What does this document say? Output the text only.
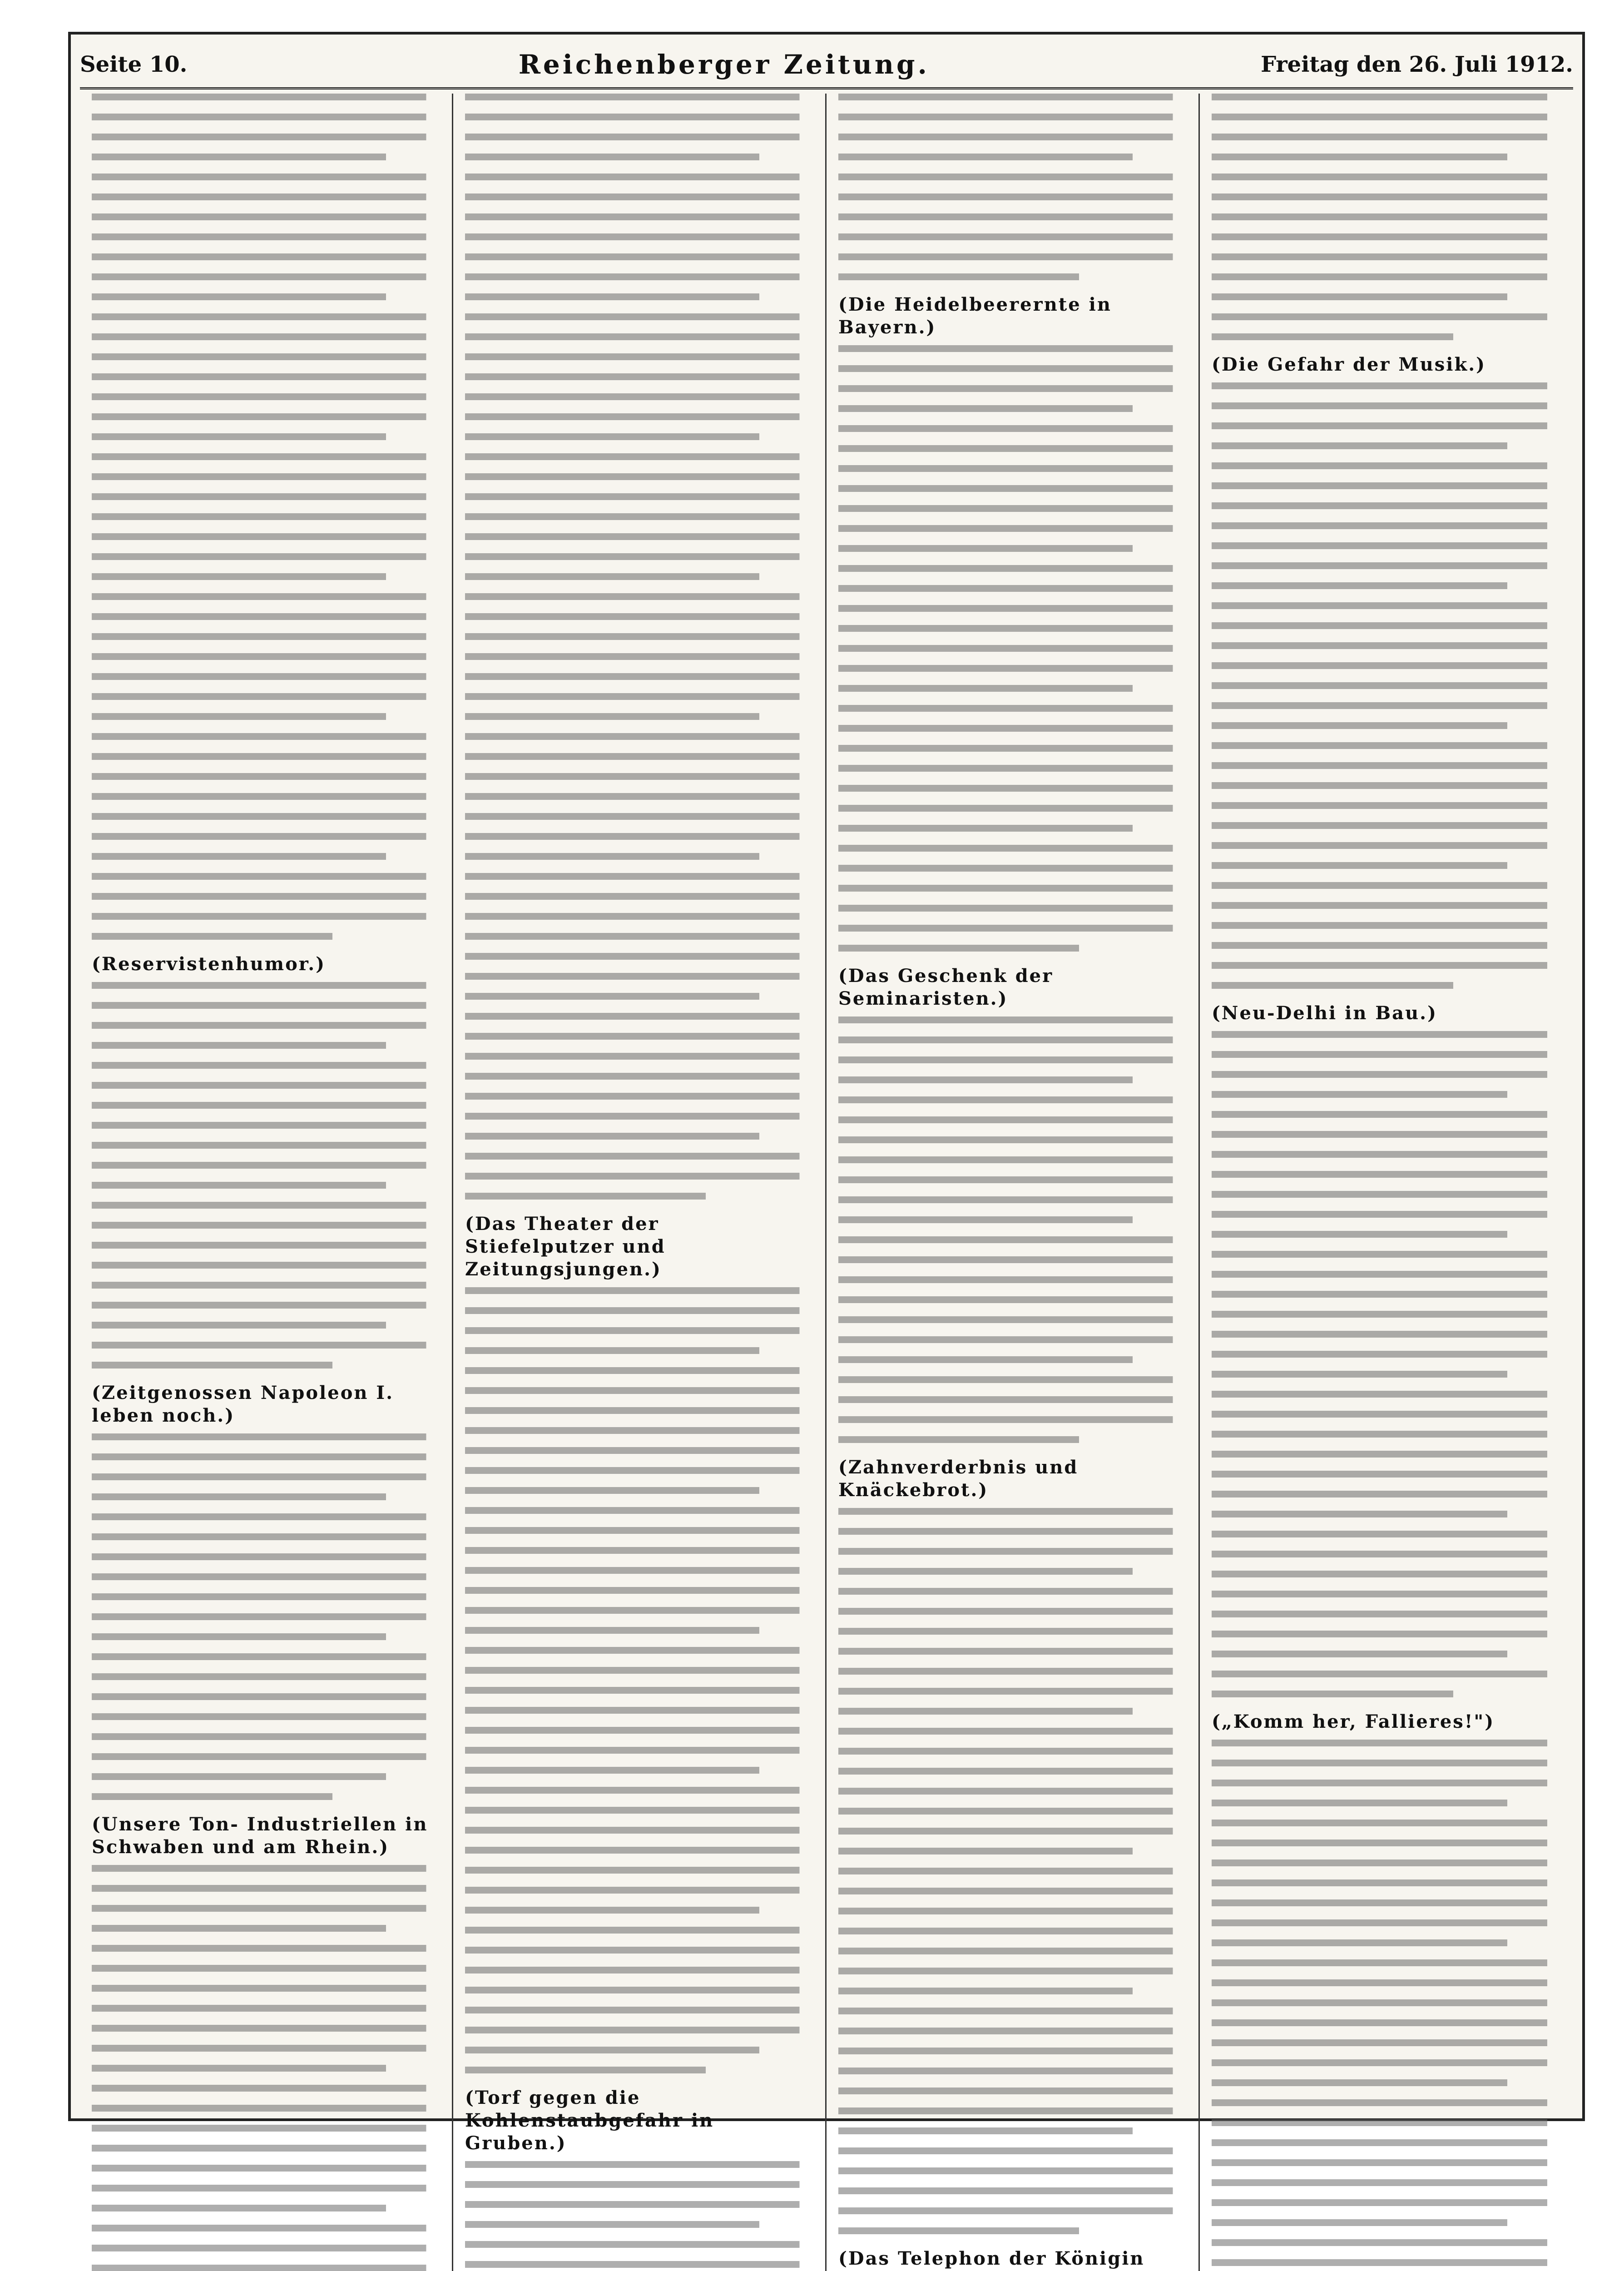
Seite 10.	Reichenberger Zeitung.	Freitag den 26. Juli 1912.
(Reservistenhumor.)
(Zeitgenossen Napoleon I. leben noch.)
(Unsere Ton- Industriellen in Schwaben und am Rhein.)
(Das Theater der Stiefelputzer und Zeitungsjungen.)
(Torf gegen die Kohlenstaubgefahr in Gruben.)
(Die Heidelbeerernte in Bayern.)
(Das Geschenk der Seminaristen.)
(Zahnverderbnis und Knäckebrot.)
(Das Telephon der Königin
(Die Gefahr der Musik.)
(Neu-Delhi in Bau.)
(„Komm her, Fallieres!")
